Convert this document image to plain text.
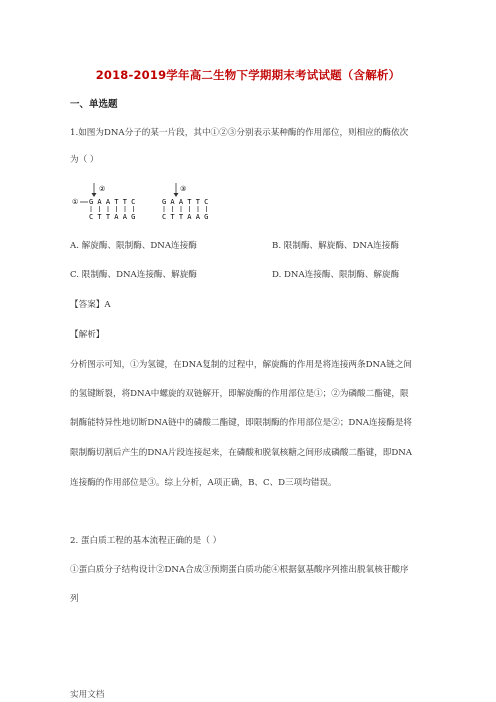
2018-2019学年高二生物下学期期末考试试题（含解析）
一、单选题
1.如图为DNA分子的某一片段，其中①②③分别表示某种酶的作用部位，则相应的酶依次
为（ ）
②
① G A A T T C
C T T A A G
③
G A A T T C
C T T A A G
A. 解旋酶、限制酶、DNA连接酶	B. 限制酶、解旋酶、DNA连接酶
C. 限制酶、DNA连接酶、解旋酶	D. DNA连接酶、限制酶、解旋酶
【答案】A
【解析】
分析图示可知，①为氢键，在DNA复制的过程中，解旋酶的作用是将连接两条DNA链之间
的氢键断裂，将DNA中螺旋的双链解开，即解旋酶的作用部位是①；②为磷酸二酯键，限
制酶能特异性地切断DNA链中的磷酸二酯键，即限制酶的作用部位是②；DNA连接酶是将
限制酶切割后产生的DNA片段连接起来，在磷酸和脱氧核糖之间形成磷酸二酯键，即DNA
连接酶的作用部位是③。综上分析，A项正确，B、C、D三项均错误。
2. 蛋白质工程的基本流程正确的是（ ）
①蛋白质分子结构设计②DNA合成③预期蛋白质功能④根据氨基酸序列推出脱氧核苷酸序
列
实用文档
